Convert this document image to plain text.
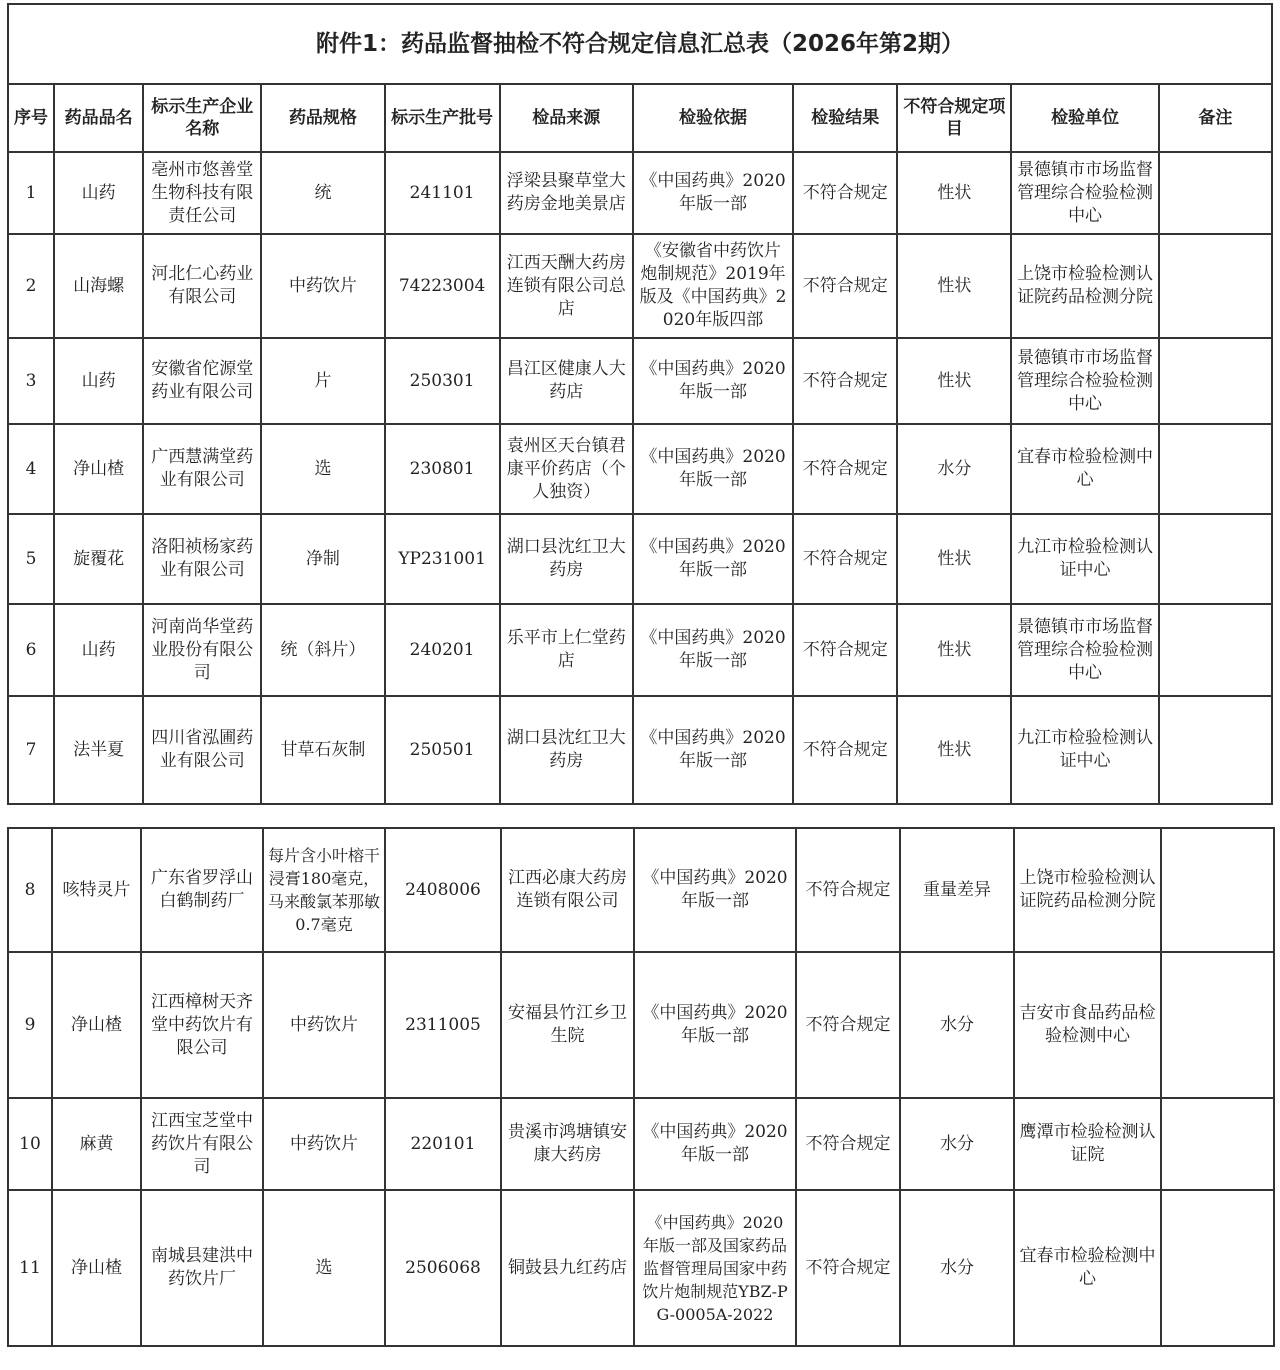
附件1：药品监督抽检不符合规定信息汇总表（2026年第2期）										
序号	药品品名	标示生产企业名称	药品规格	标示生产批号	检品来源	检验依据	检验结果	不符合规定项目	检验单位	备注
1	山药	亳州市悠善堂生物科技有限责任公司	统	241101	浮梁县聚草堂大药房金地美景店	《中国药典》2020年版一部	不符合规定	性状	景德镇市市场监督管理综合检验检测中心	
2	山海螺	河北仁心药业有限公司	中药饮片	74223004	江西天酬大药房连锁有限公司总店	《安徽省中药饮片炮制规范》2019年版及《中国药典》2020年版四部	不符合规定	性状	上饶市检验检测认证院药品检测分院	
3	山药	安徽省佗源堂药业有限公司	片	250301	昌江区健康人大药店	《中国药典》2020年版一部	不符合规定	性状	景德镇市市场监督管理综合检验检测中心	
4	净山楂	广西慧满堂药业有限公司	选	230801	袁州区天台镇君康平价药店（个人独资）	《中国药典》2020年版一部	不符合规定	水分	宜春市检验检测中心	
5	旋覆花	洛阳祯杨家药业有限公司	净制	YP231001	湖口县沈红卫大药房	《中国药典》2020年版一部	不符合规定	性状	九江市检验检测认证中心	
6	山药	河南尚华堂药业股份有限公司	统（斜片）	240201	乐平市上仁堂药店	《中国药典》2020年版一部	不符合规定	性状	景德镇市市场监督管理综合检验检测中心	
7	法半夏	四川省泓圃药业有限公司	甘草石灰制	250501	湖口县沈红卫大药房	《中国药典》2020年版一部	不符合规定	性状	九江市检验检测认证中心	
8	咳特灵片	广东省罗浮山白鹤制药厂	每片含小叶榕干浸膏180毫克，马来酸氯苯那敏0.7毫克	2408006	江西必康大药房连锁有限公司	《中国药典》2020年版一部	不符合规定	重量差异	上饶市检验检测认证院药品检测分院	
9	净山楂	江西樟树天齐堂中药饮片有限公司	中药饮片	2311005	安福县竹江乡卫生院	《中国药典》2020年版一部	不符合规定	水分	吉安市食品药品检验检测中心	
10	麻黄	江西宝芝堂中药饮片有限公司	中药饮片	220101	贵溪市鸿塘镇安康大药房	《中国药典》2020年版一部	不符合规定	水分	鹰潭市检验检测认证院	
11	净山楂	南城县建洪中药饮片厂	选	2506068	铜鼓县九红药店	《中国药典》2020年版一部及国家药品监督管理局国家中药饮片炮制规范YBZ-PG-0005A-2022	不符合规定	水分	宜春市检验检测中心	
